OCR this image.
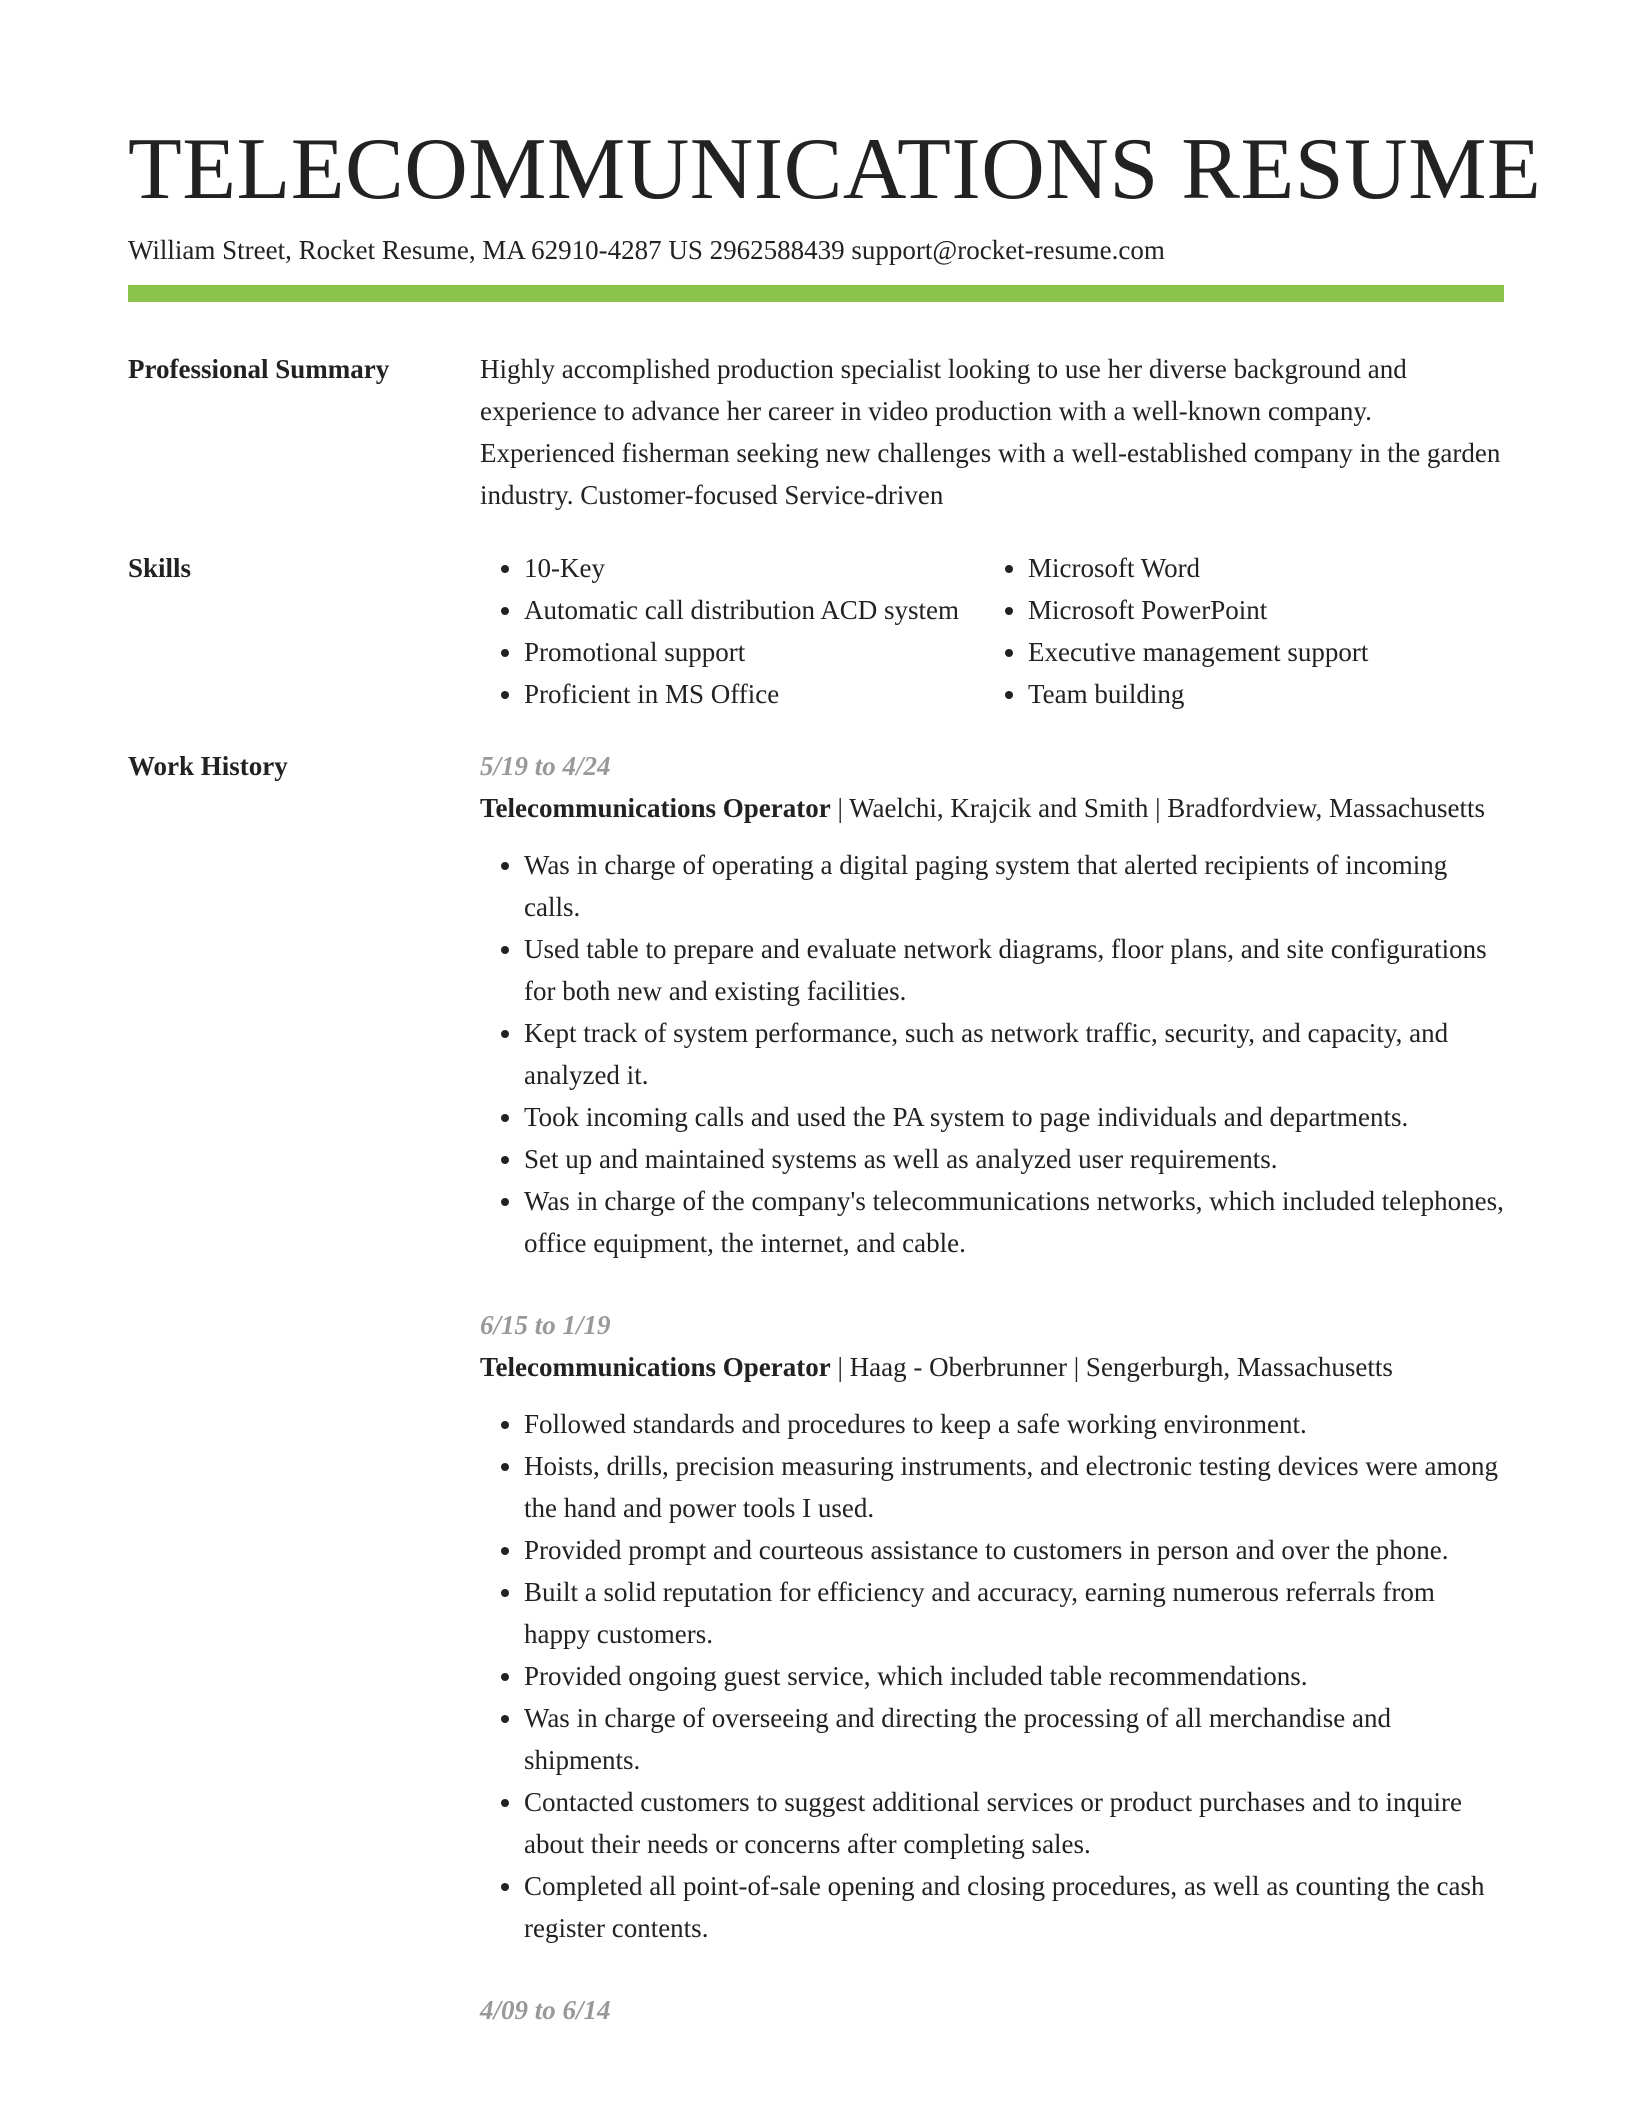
TELECOMMUNICATIONS RESUME
William Street, Rocket Resume, MA 62910-4287 US 2962588439 support@rocket-resume.com
Professional Summary	Highly accomplished production specialist looking to use her diverse background and experience to advance her career in video production with a well-known company. Experienced fisherman seeking new challenges with a well-established company in the garden industry. Customer-focused Service-driven

Skills
•	10-Key
• Automatic call distribution ACD system
• Promotional support
• Proficient in MS Office
• Microsoft Word
• Microsoft PowerPoint
• Executive management support
• Team building
Work History	5/19 to 4/24

Telecommunications Operator | Waelchi, Krajcik and Smith | Bradfordview, Massachusetts

• Was in charge of operating a digital paging system that alerted recipients of incoming calls.
• Used table to prepare and evaluate network diagrams, floor plans, and site configurations for both new and existing facilities.
• Kept track of system performance, such as network traffic, security, and capacity, and analyzed it.
• Took incoming calls and used the PA system to page individuals and departments.
• Set up and maintained systems as well as analyzed user requirements.
• Was in charge of the company's telecommunications networks, which included telephones, office equipment, the internet, and cable.
6/15 to 1/19

Telecommunications Operator | Haag - Oberbrunner | Sengerburgh, Massachusetts

• Followed standards and procedures to keep a safe working environment.
• Hoists, drills, precision measuring instruments, and electronic testing devices were among the hand and power tools I used.
• Provided prompt and courteous assistance to customers in person and over the phone.
• Built a solid reputation for efficiency and accuracy, earning numerous referrals from happy customers.
• Provided ongoing guest service, which included table recommendations.
• Was in charge of overseeing and directing the processing of all merchandise and shipments.
• Contacted customers to suggest additional services or product purchases and to inquire about their needs or concerns after completing sales.
• Completed all point-of-sale opening and closing procedures, as well as counting the cash register contents.
4/09 to 6/14
